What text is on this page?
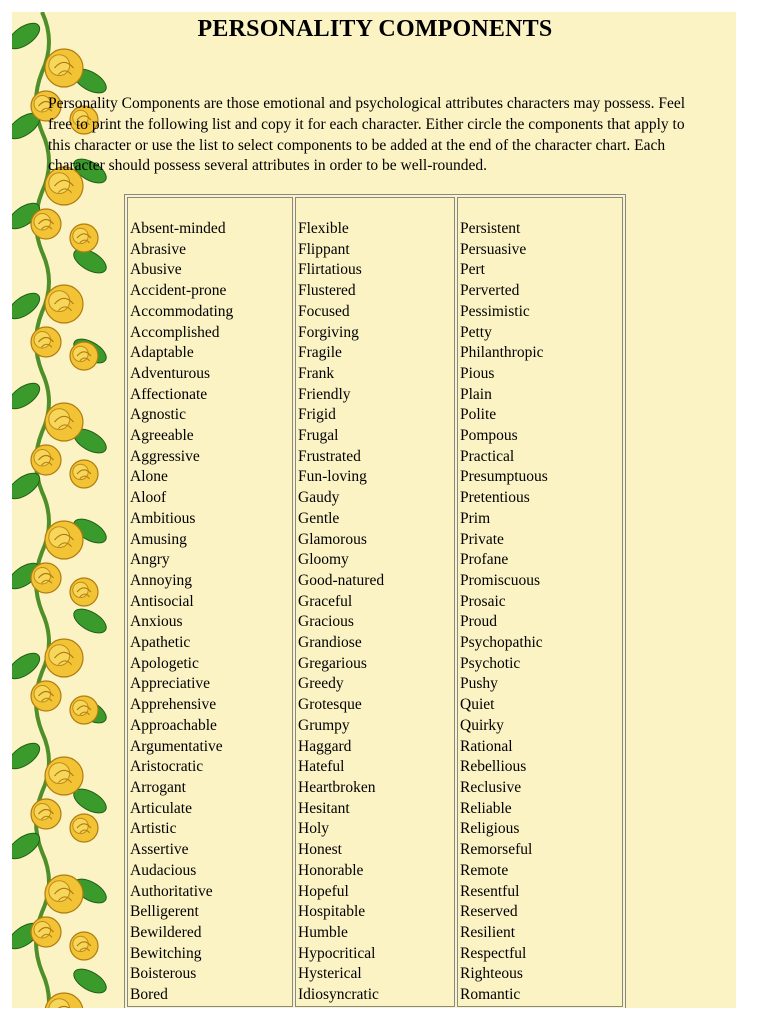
PERSONALITY COMPONENTS

Personality Components are those emotional and psychological attributes characters may possess. Feel free to print the following list and copy it for each character. Either circle the components that apply to this character or use the list to select components to be added at the end of the character chart. Each character should possess several attributes in order to be well-rounded.

Absent-minded
Abrasive
Abusive
Accident-prone
Accommodating
Accomplished
Adaptable
Adventurous
Affectionate
Agnostic
Agreeable
Aggressive
Alone
Aloof
Ambitious
Amusing
Angry
Annoying
Antisocial
Anxious
Apathetic
Apologetic
Appreciative
Apprehensive
Approachable
Argumentative
Aristocratic
Arrogant
Articulate
Artistic
Assertive
Audacious
Authoritative
Belligerent
Bewildered
Bewitching
Boisterous
Bored

Flexible
Flippant
Flirtatious
Flustered
Focused
Forgiving
Fragile
Frank
Friendly
Frigid
Frugal
Frustrated
Fun-loving
Gaudy
Gentle
Glamorous
Gloomy
Good-natured
Graceful
Gracious
Grandiose
Gregarious
Greedy
Grotesque
Grumpy
Haggard
Hateful
Heartbroken
Hesitant
Holy
Honest
Honorable
Hopeful
Hospitable
Humble
Hypocritical
Hysterical
Idiosyncratic

Persistent
Persuasive
Pert
Perverted
Pessimistic
Petty
Philanthropic
Pious
Plain
Polite
Pompous
Practical
Presumptuous
Pretentious
Prim
Private
Profane
Promiscuous
Prosaic
Proud
Psychopathic
Psychotic
Pushy
Quiet
Quirky
Rational
Rebellious
Reclusive
Reliable
Religious
Remorseful
Remote
Resentful
Reserved
Resilient
Respectful
Righteous
Romantic
